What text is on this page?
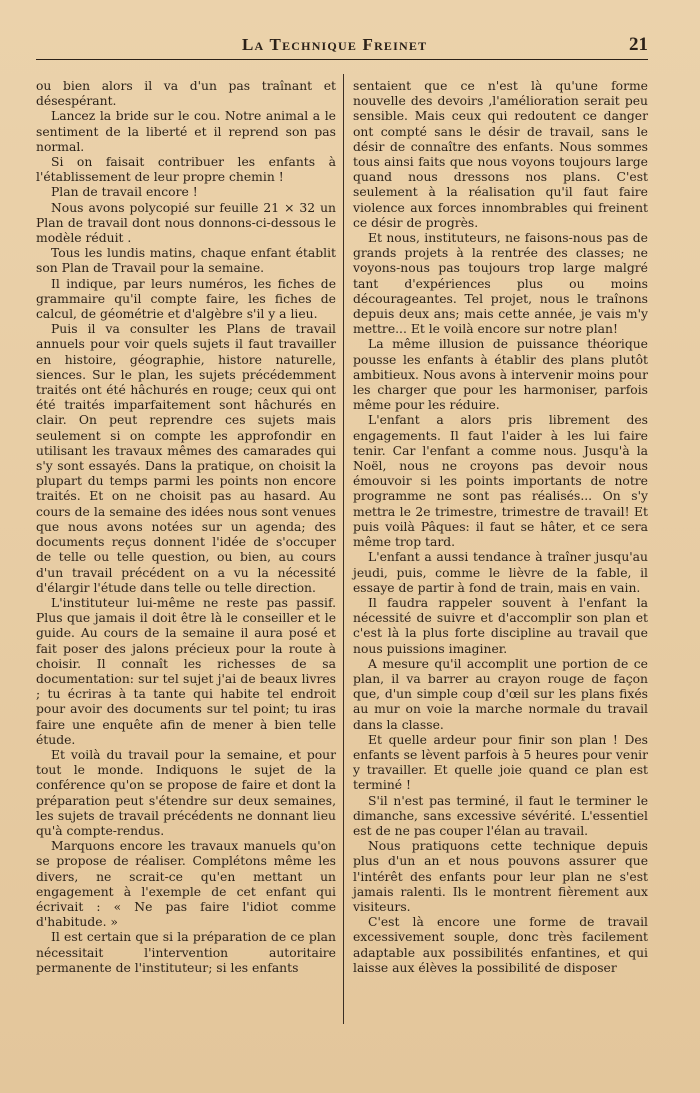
La Technique Freinet	21

ou bien alors il va d'un pas traînant et désespérant.

Lancez la bride sur le cou. Notre animal a le sentiment de la liberté et il reprend son pas normal.

Si on faisait contribuer les enfants à l'établissement de leur propre chemin !

Plan de travail encore !

Nous avons polycopié sur feuille 21 × 32 un Plan de travail dont nous donnons-ci-dessous le modèle réduit .

Tous les lundis matins, chaque enfant établit son Plan de Travail pour la semaine.

Il indique, par leurs numéros, les fiches de grammaire qu'il compte faire, les fiches de calcul, de géométrie et d'algèbre s'il y a lieu.

Puis il va consulter les Plans de travail annuels pour voir quels sujets il faut travailler en histoire, géographie, histore naturelle, siences. Sur le plan, les sujets précédemment traités ont été hâchurés en rouge; ceux qui ont été traités imparfaitement sont hâchurés en clair. On peut reprendre ces sujets mais seulement si on compte les approfondir en utilisant les travaux mêmes des camarades qui s'y sont essayés. Dans la pratique, on choisit la plupart du temps parmi les points non encore traités. Et on ne choisit pas au hasard. Au cours de la semaine des idées nous sont venues que nous avons notées sur un agenda; des documents reçus donnent l'idée de s'occuper de telle ou telle question, ou bien, au cours d'un travail précédent on a vu la nécessité d'élargir l'étude dans telle ou telle direction.

L'instituteur lui-même ne reste pas passif. Plus que jamais il doit être là le conseiller et le guide. Au cours de la semaine il aura posé et fait poser des jalons précieux pour la route à choisir. Il connaît les richesses de sa documentation: sur tel sujet j'ai de beaux livres ; tu écriras à ta tante qui habite tel endroit pour avoir des documents sur tel point; tu iras faire une enquête afin de mener à bien telle étude.

Et voilà du travail pour la semaine, et pour tout le monde. Indiquons le sujet de la conférence qu'on se propose de faire et dont la préparation peut s'étendre sur deux semaines, les sujets de travail précédents ne donnant lieu qu'à compte-rendus.

Marquons encore les travaux manuels qu'on se propose de réaliser. Complétons même les divers, ne scrait-ce qu'en mettant un engagement à l'exemple de cet enfant qui écrivait : « Ne pas faire l'idiot comme d'habitude. »

Il est certain que si la préparation de ce plan nécessitait l'intervention autoritaire permanente de l'instituteur; si les enfants

sentaient que ce n'est là qu'une forme nouvelle des devoirs ,l'amélioration serait peu sensible. Mais ceux qui redoutent ce danger ont compté sans le désir de travail, sans le désir de connaître des enfants. Nous sommes tous ainsi faits que nous voyons toujours large quand nous dressons nos plans. C'est seulement à la réalisation qu'il faut faire violence aux forces innombrables qui freinent ce désir de progrès.

Et nous, instituteurs, ne faisons-nous pas de grands projets à la rentrée des classes; ne voyons-nous pas toujours trop large malgré tant d'expériences plus ou moins décourageantes. Tel projet, nous le traînons depuis deux ans; mais cette année, je vais m'y mettre... Et le voilà encore sur notre plan!

La même illusion de puissance théorique pousse les enfants à établir des plans plutôt ambitieux. Nous avons à intervenir moins pour les charger que pour les harmoniser, parfois même pour les réduire.

L'enfant a alors pris librement des engagements. Il faut l'aider à les lui faire tenir. Car l'enfant a comme nous. Jusqu'à la Noël, nous ne croyons pas devoir nous émouvoir si les points importants de notre programme ne sont pas réalisés... On s'y mettra le 2e trimestre, trimestre de travail! Et puis voilà Pâques: il faut se hâter, et ce sera même trop tard.

L'enfant a aussi tendance à traîner jusqu'au jeudi, puis, comme le lièvre de la fable, il essaye de partir à fond de train, mais en vain.

Il faudra rappeler souvent à l'enfant la nécessité de suivre et d'accomplir son plan et c'est là la plus forte discipline au travail que nous puissions imaginer.

A mesure qu'il accomplit une portion de ce plan, il va barrer au crayon rouge de façon que, d'un simple coup d'œil sur les plans fixés au mur on voie la marche normale du travail dans la classe.

Et quelle ardeur pour finir son plan ! Des enfants se lèvent parfois à 5 heures pour venir y travailler. Et quelle joie quand ce plan est terminé !

S'il n'est pas terminé, il faut le terminer le dimanche, sans excessive sévérité. L'essentiel est de ne pas couper l'élan au travail.

Nous pratiquons cette technique depuis plus d'un an et nous pouvons assurer que l'intérêt des enfants pour leur plan ne s'est jamais ralenti. Ils le montrent fièrement aux visiteurs.

C'est là encore une forme de travail excessivement souple, donc très facilement adaptable aux possibilités enfantines, et qui laisse aux élèves la possibilité de disposer
